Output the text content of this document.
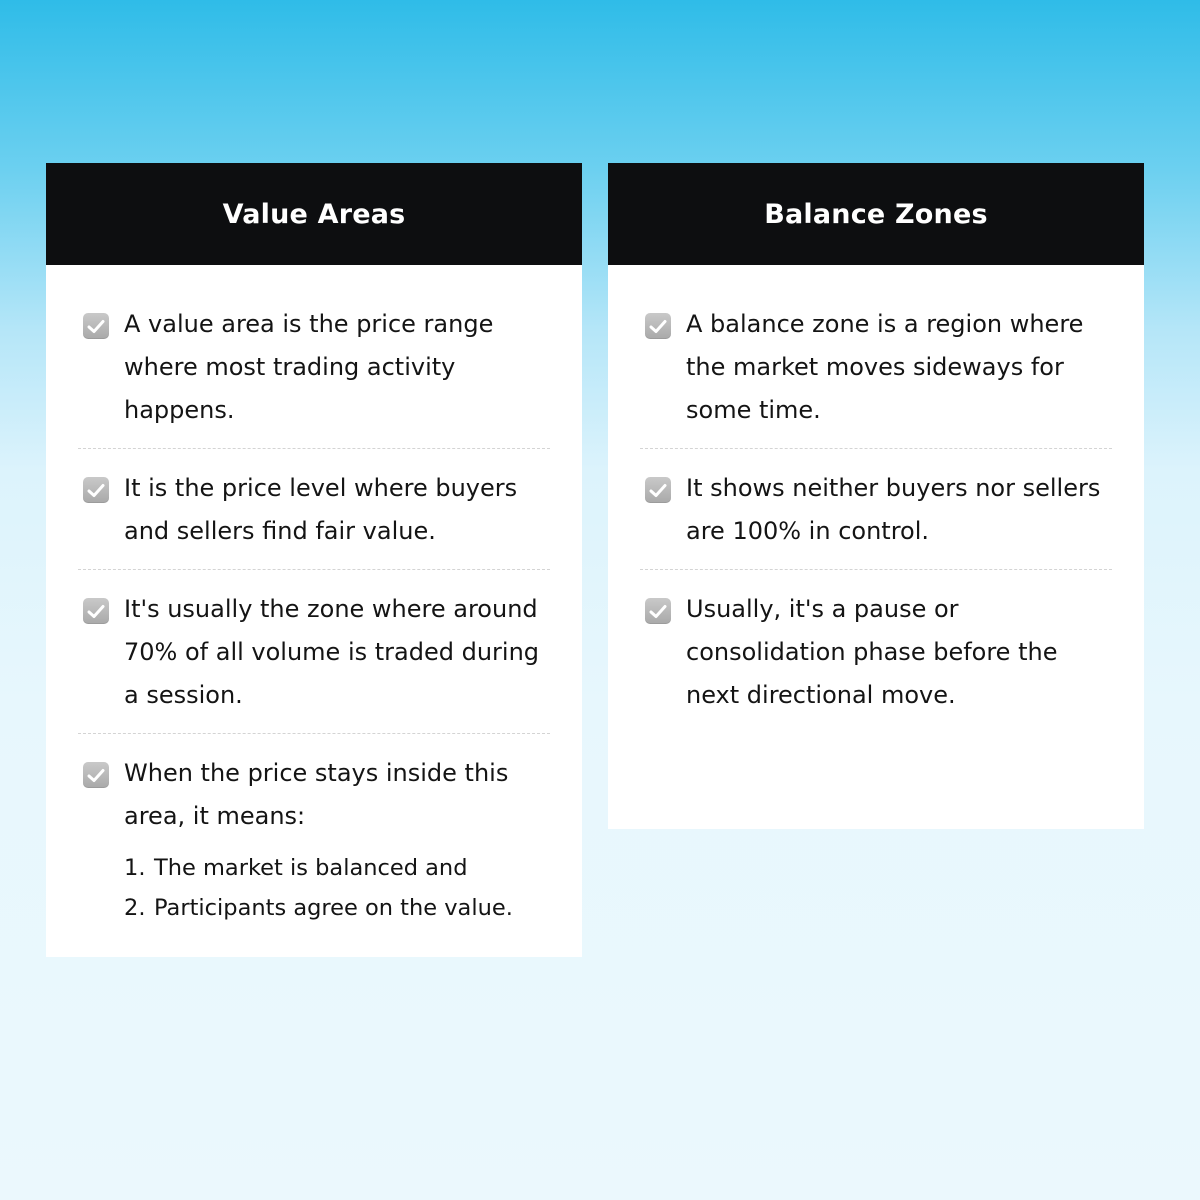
Value Areas
A value area is the price range where most trading activity happens.
It is the price level where buyers and sellers find fair value.
It's usually the zone where around 70% of all volume is traded during a session.
When the price stays inside this area, it means:
1. The market is balanced and
2. Participants agree on the value.
Balance Zones
A balance zone is a region where the market moves sideways for some time.
It shows neither buyers nor sellers are 100% in control.
Usually, it's a pause or consolidation phase before the next directional move.
